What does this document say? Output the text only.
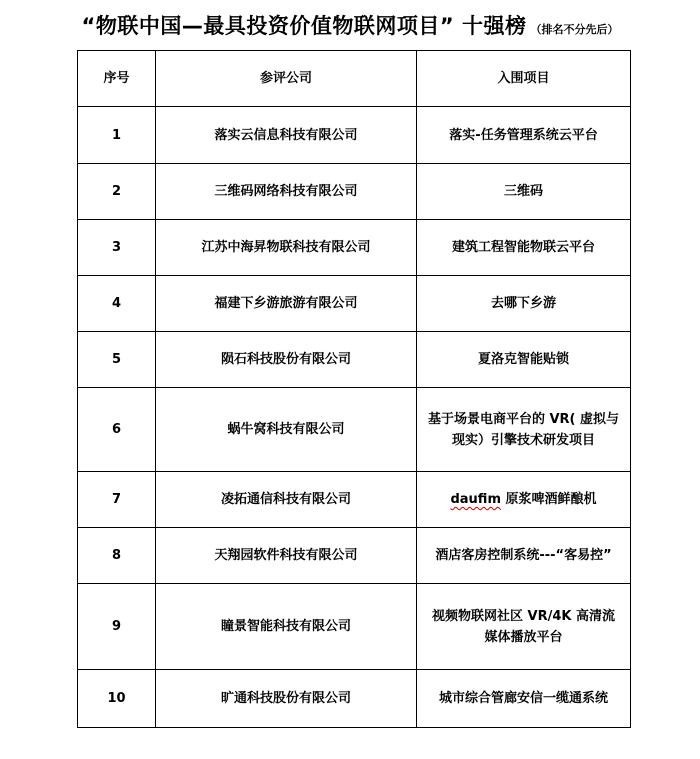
“物联中国—最具投资价值物联网项目” 十强榜 （排名不分先后）
序号	参评公司	入围项目
1	落实云信息科技有限公司	落实-任务管理系统云平台
2	三维码网络科技有限公司	三维码
3	江苏中海昇物联科技有限公司	建筑工程智能物联云平台
4	福建下乡游旅游有限公司	去哪下乡游
5	陨石科技股份有限公司	夏洛克智能贴锁
6	蜗牛窝科技有限公司	基于场景电商平台的 VR( 虚拟与
现实）引擎技术研发项目

7	凌拓通信科技有限公司	daufim 原浆啤酒鲜酿机
8	天翔园软件科技有限公司	酒店客房控制系统---“客易控”
9	瞳景智能科技有限公司	视频物联网社区 VR/4K 高清流
媒体播放平台

10	旷通科技股份有限公司	城市综合管廊安信一缆通系统
